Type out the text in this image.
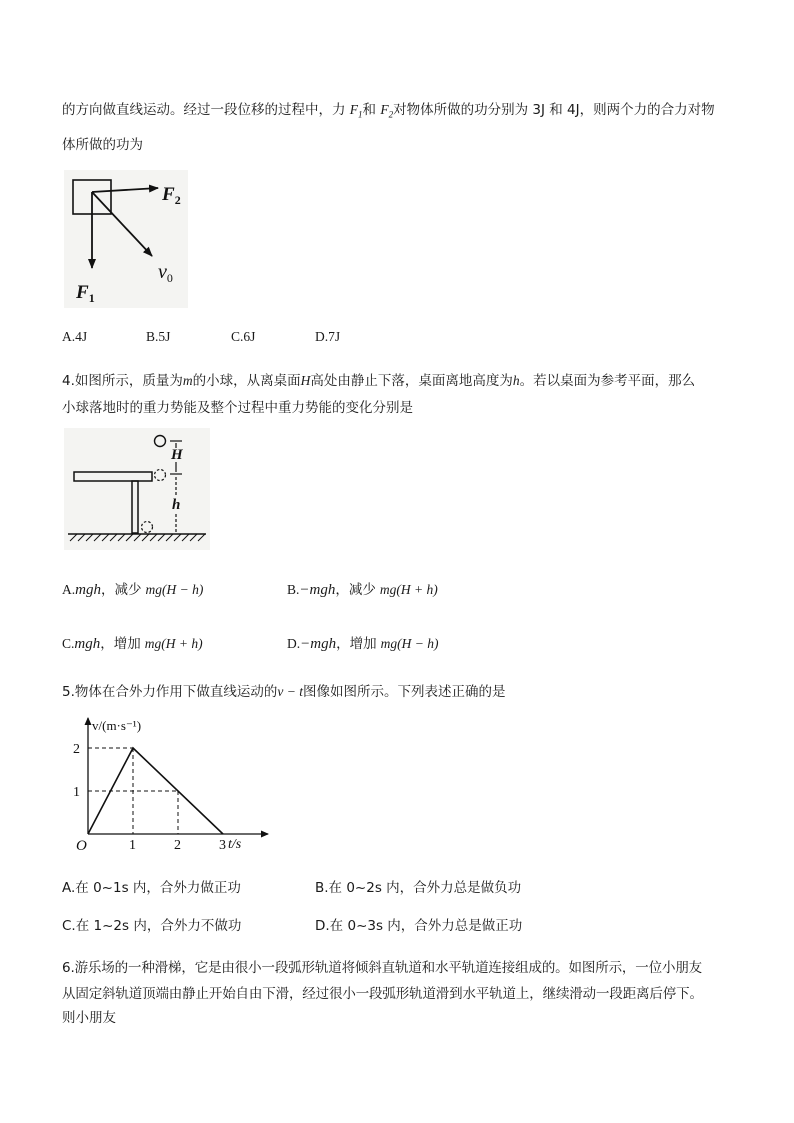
的方向做直线运动。经过一段位移的过程中，力 $F_1$和 $F_2$对物体所做的功分别为 3J 和 4J，则两个力的合力对物
体所做的功为
$F_2$
$F_1$
$v_0$
A.4J	B.5J	C.6J	D.7J
4.如图所示，质量为m的小球，从离桌面H高处由静止下落，桌面离地高度为h。若以桌面为参考平面，那么
小球落地时的重力势能及整个过程中重力势能的变化分别是
H
h
A.mgh，减少 mg(H − h)	B.−mgh，减少 mg(H + h)
C.mgh，增加 mg(H + h)	D.−mgh，增加 mg(H − h)
5.物体在合外力作用下做直线运动的v − t图像如图所示。下列表述正确的是
v/(m·s⁻¹)
t/s
O	1	2	3
1
2
A.在 0~1s 内，合外力做正功	B.在 0~2s 内，合外力总是做负功
C.在 1~2s 内，合外力不做功	D.在 0~3s 内，合外力总是做正功
6.游乐场的一种滑梯，它是由很小一段弧形轨道将倾斜直轨道和水平轨道连接组成的。如图所示，一位小朋友
从固定斜轨道顶端由静止开始自由下滑，经过很小一段弧形轨道滑到水平轨道上，继续滑动一段距离后停下。
则小朋友
